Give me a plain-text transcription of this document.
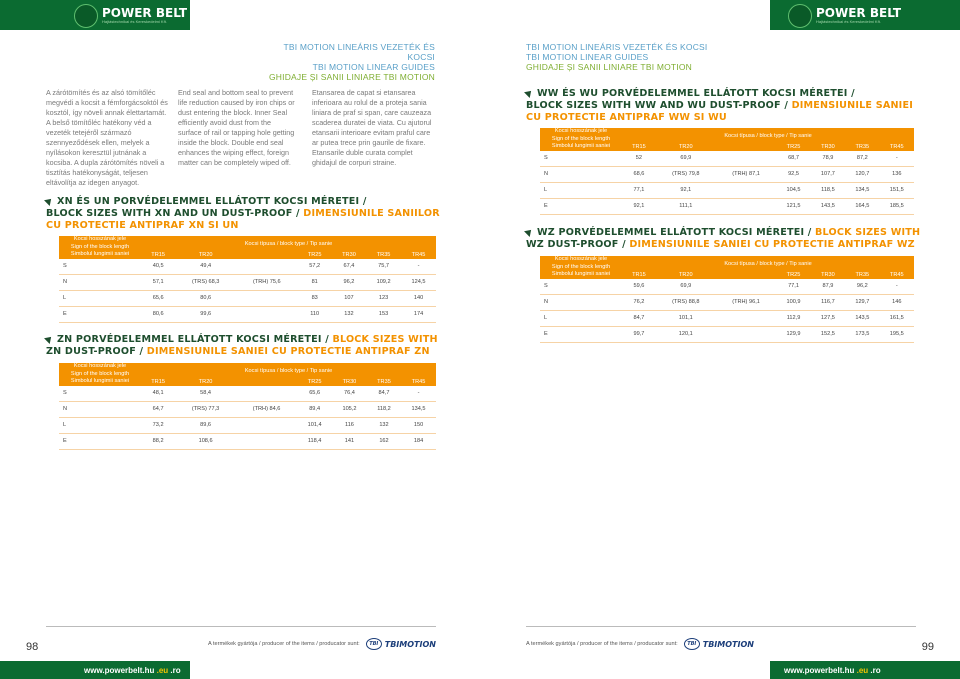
POWER BELT
Hajtástechnikai és Kereskedelmi Kft.
POWER BELT
Hajtástechnikai és Kereskedelmi Kft.
TBI MOTION LINEÁRIS VEZETÉK ÉS KOCSI
TBI MOTION LINEAR GUIDES
GHIDAJE ȘI SANII LINIARE TBI MOTION
TBI MOTION LINEÁRIS VEZETÉK ÉS KOCSI
TBI MOTION LINEAR GUIDES
GHIDAJE ȘI SANII LINIARE TBI MOTION
A zárótömítés és az alsó tömítőléc megvédi a kocsit a fémforgácsoktól és kosztól, így növeli annak élettartamát. A belső tömítőléc hatékony véd a vezeték tetejéről származó szennyeződések ellen, melyek a nyílásokon keresztül jutnának a kocsiba. A dupla zárótömítés növeli a tisztítás hatékonyságát, teljesen eltávolítja az idegen anyagot.
End seal and bottom seal to prevent life reduction caused by iron chips or dust entering the block. Inner Seal efficiently avoid dust from the surface of rail or tapping hole getting inside the block. Double end seal enhances the wiping effect, foreign matter can be completely wiped off.
Etansarea de capat si etansarea inferioara au rolul de a proteja sania liniara de praf si span, care cauzeaza scaderea duratei de viata. Cu ajutorul etansarii interioare evitam praful care ar putea trece prin gaurile de fixare. Etansarile duble curata complet ghidajul de corpuri straine.
XN ÉS UN PORVÉDELEMMEL ELLÁTOTT KOCSI MÉRETEI /
BLOCK SIZES WITH XN AND UN DUST-PROOF / DIMENSIUNILE SANIILOR CU PROTECTIE ANTIPRAF XN SI UN
Kocsi hosszának jele
Sign of the block length
Simbolul lungimii saniei	Kocsi típusa / block type / Tip sanie						
	TR15	TR20		TR25	TR30	TR35	TR45
S	40,5	49,4		57,2	67,4	75,7	-
N	57,1	(TRS) 68,3	(TRH) 75,6	81	96,2	109,2	124,5
L	65,6	80,6		83	107	123	140
E	80,6	99,6		110	132	153	174
ZN PORVÉDELEMMEL ELLÁTOTT KOCSI MÉRETEI / BLOCK SIZES WITH
ZN DUST-PROOF / DIMENSIUNILE SANIEI CU PROTECTIE ANTIPRAF ZN
Kocsi hosszának jele
Sign of the block length
Simbolul lungimii saniei	Kocsi típusa / block type / Tip sanie						
	TR15	TR20		TR25	TR30	TR35	TR45
S	48,1	58,4		65,6	76,4	84,7	-
N	64,7	(TRS) 77,3	(TRH) 84,6	89,4	105,2	118,2	134,5
L	73,2	89,6		101,4	116	132	150
E	88,2	108,6		118,4	141	162	184
WW ÉS WU PORVÉDELEMMEL ELLÁTOTT KOCSI MÉRETEI /
BLOCK SIZES WITH WW AND WU DUST-PROOF / DIMENSIUNILE SANIEI CU PROTECTIE ANTIPRAF WW SI WU
Kocsi hosszának jele
Sign of the block length
Simbolul lungimii saniei	Kocsi típusa / block type / Tip sanie						
	TR15	TR20		TR25	TR30	TR35	TR45
S	52	69,9		68,7	78,9	87,2	-
N	68,6	(TRS) 79,8	(TRH) 87,1	92,5	107,7	120,7	136
L	77,1	92,1		104,5	118,5	134,5	151,5
E	92,1	111,1		121,5	143,5	164,5	185,5
WZ PORVÉDELEMMEL ELLÁTOTT KOCSI MÉRETEI / BLOCK SIZES WITH
WZ DUST-PROOF / DIMENSIUNILE SANIEI CU PROTECTIE ANTIPRAF WZ
Kocsi hosszának jele
Sign of the block length
Simbolul lungimii saniei	Kocsi típusa / block type / Tip sanie						
	TR15	TR20		TR25	TR30	TR35	TR45
S	59,6	69,9		77,1	87,9	96,2	-
N	76,2	(TRS) 88,8	(TRH) 96,1	100,9	116,7	129,7	146
L	84,7	101,1		112,9	127,5	143,5	161,5
E	99,7	120,1		129,9	152,5	173,5	195,5
98	99
A termékek gyártója / producer of the items / producator sunt:	TBI TBIMOTION	A termékek gyártója / producer of the items / producator sunt:	TBI TBIMOTION
www.powerbelt.hu .eu .ro	www.powerbelt.hu .eu .ro
